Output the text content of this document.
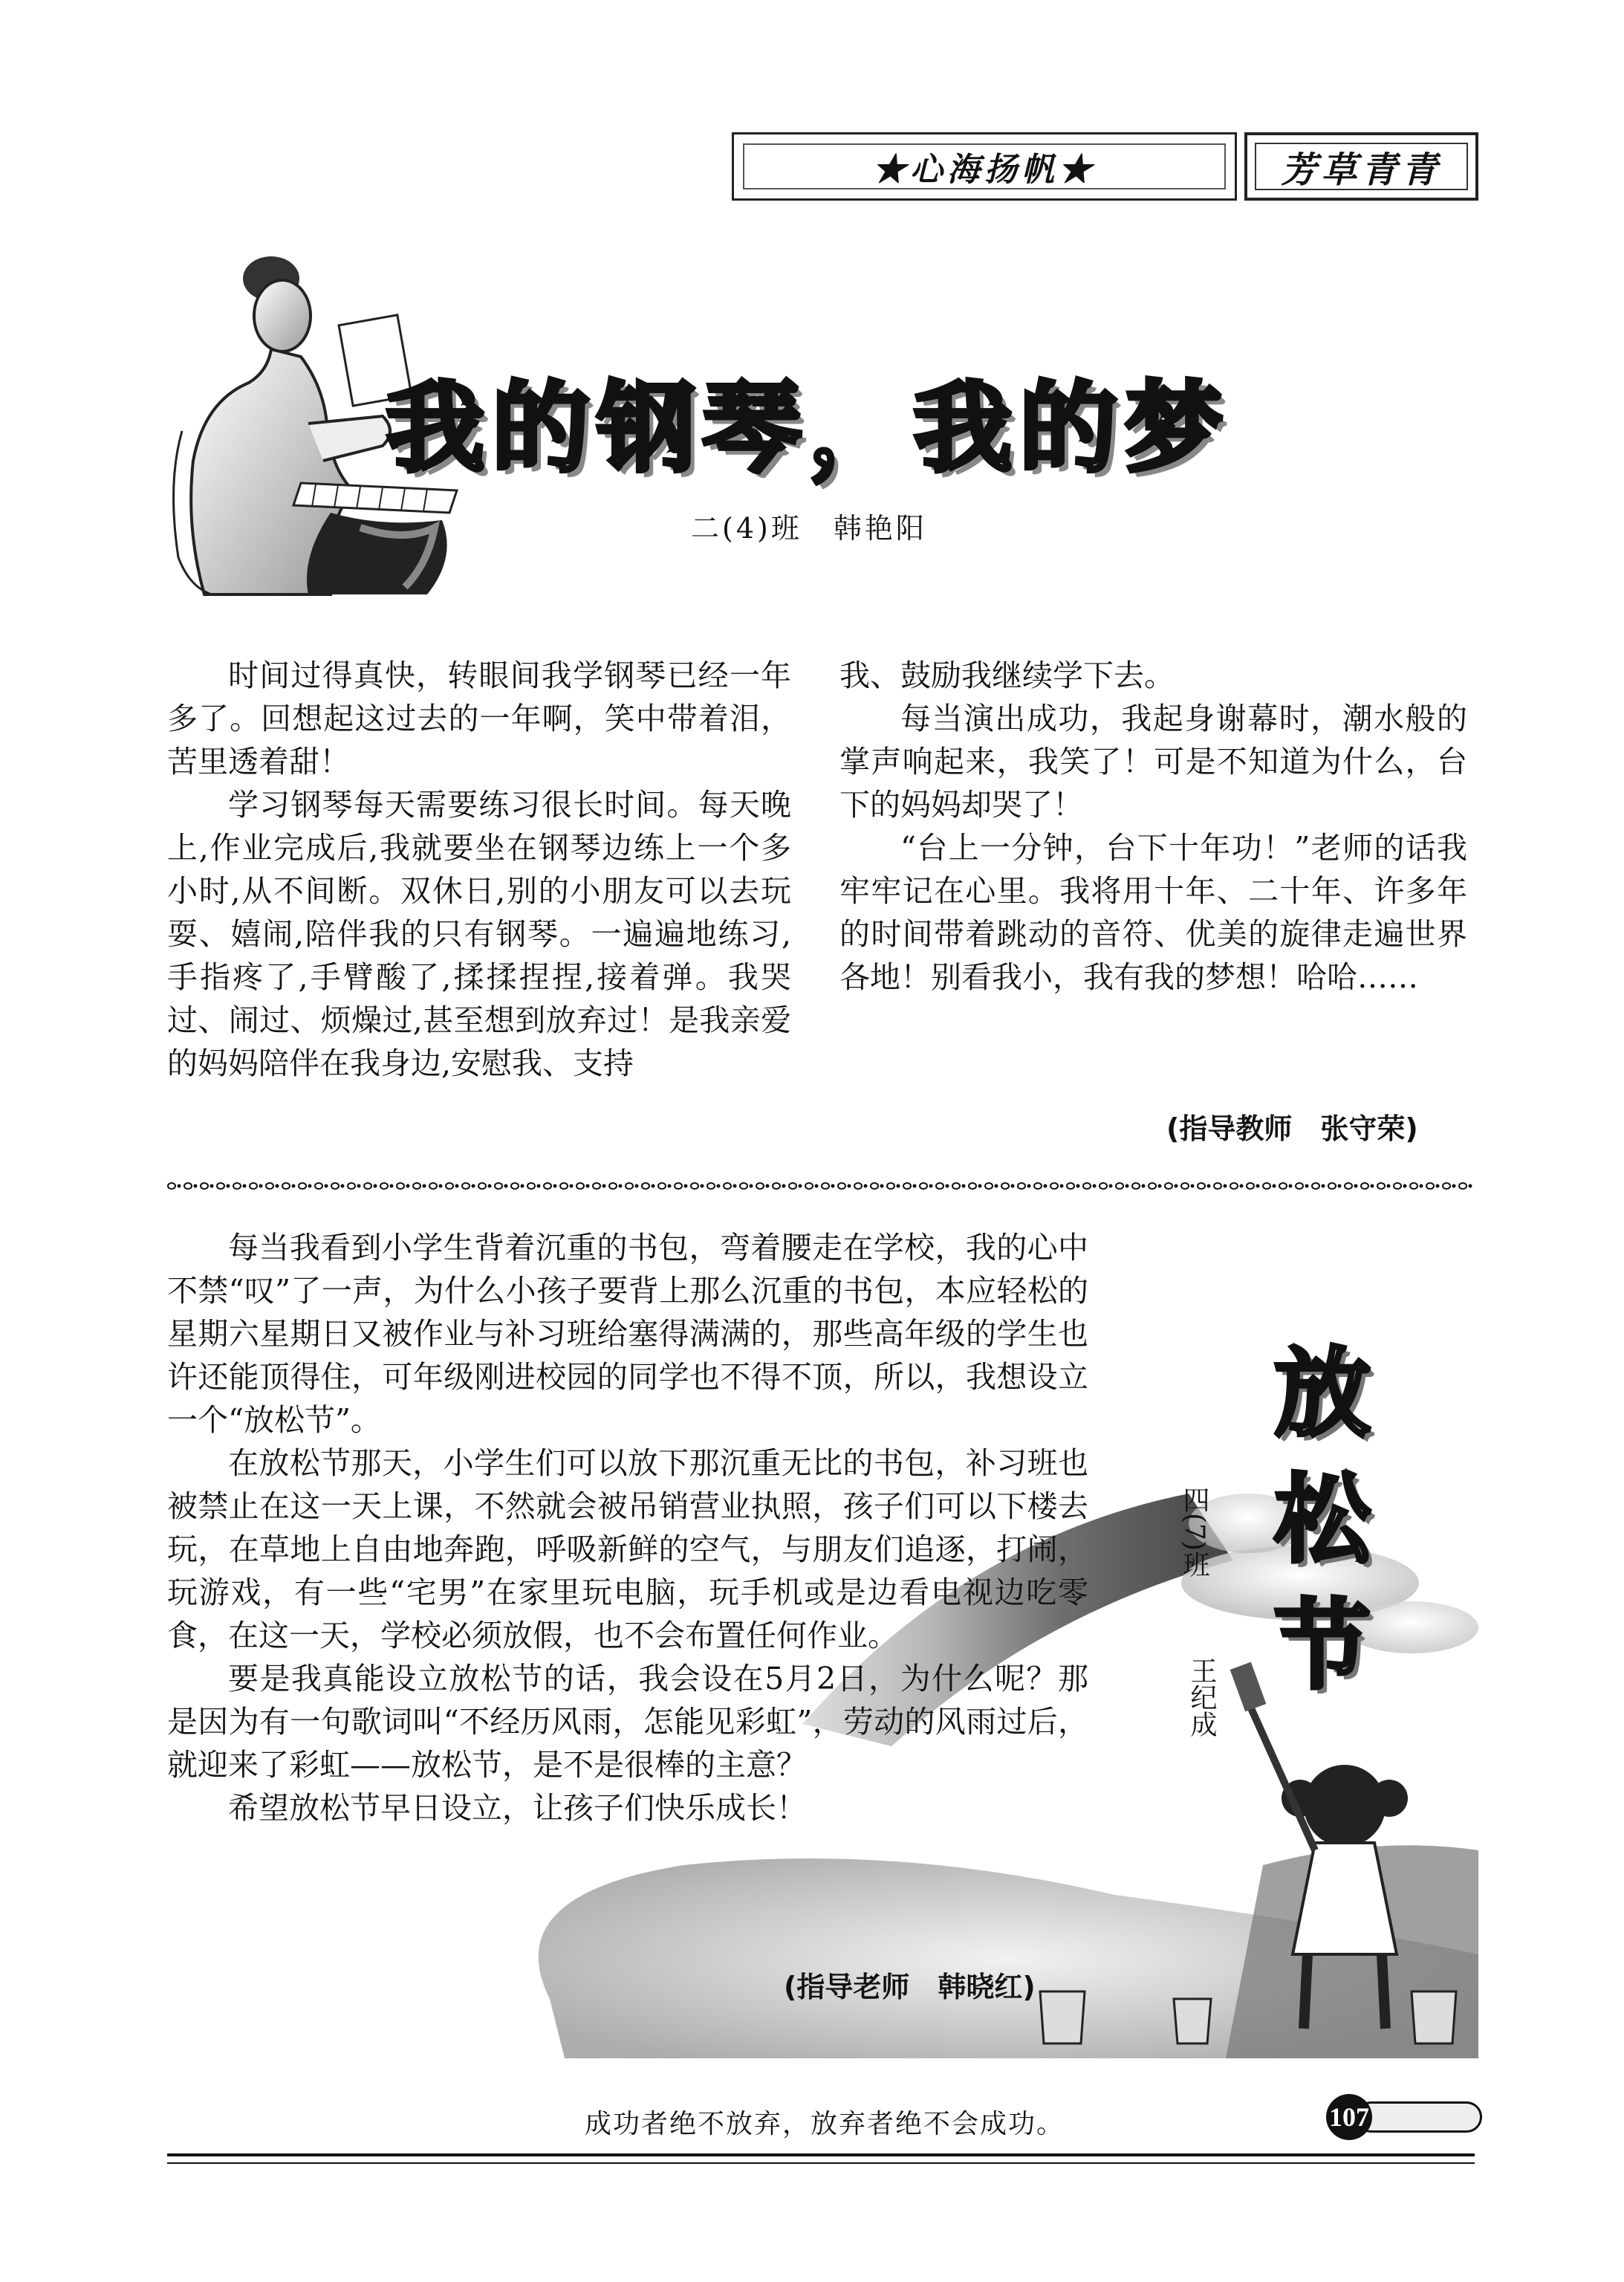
★心海扬帆★	芳草青青
我的钢琴，我的梦
二(4)班　韩艳阳

时间过得真快，转眼间我学钢琴已经一年多了。回想起这过去的一年啊，笑中带着泪，苦里透着甜！

学习钢琴每天需要练习很长时间。每天晚上,作业完成后,我就要坐在钢琴边练上一个多小时,从不间断。双休日,别的小朋友可以去玩耍、嬉闹,陪伴我的只有钢琴。一遍遍地练习,手指疼了,手臂酸了,揉揉捏捏,接着弹。我哭过、闹过、烦燥过,甚至想到放弃过！是我亲爱的妈妈陪伴在我身边,安慰我、支持

我、鼓励我继续学下去。

每当演出成功，我起身谢幕时，潮水般的掌声响起来，我笑了！可是不知道为什么，台下的妈妈却哭了！

“台上一分钟，台下十年功！”老师的话我牢牢记在心里。我将用十年、二十年、许多年的时间带着跳动的音符、优美的旋律走遍世界各地！别看我小，我有我的梦想！哈哈……

(指导教师　张守荣)
放松节
四(7)班
王纪成

每当我看到小学生背着沉重的书包，弯着腰走在学校，我的心中不禁“叹”了一声，为什么小孩子要背上那么沉重的书包，本应轻松的星期六星期日又被作业与补习班给塞得满满的，那些高年级的学生也许还能顶得住，可年级刚进校园的同学也不得不顶，所以，我想设立一个“放松节”。

在放松节那天，小学生们可以放下那沉重无比的书包，补习班也被禁止在这一天上课，不然就会被吊销营业执照，孩子们可以下楼去玩，在草地上自由地奔跑，呼吸新鲜的空气，与朋友们追逐，打闹，玩游戏，有一些“宅男”在家里玩电脑，玩手机或是边看电视边吃零食，在这一天，学校必须放假，也不会布置任何作业。

要是我真能设立放松节的话，我会设在5月2日，为什么呢？那是因为有一句歌词叫“不经历风雨，怎能见彩虹”，劳动的风雨过后，就迎来了彩虹——放松节，是不是很棒的主意？

希望放松节早日设立，让孩子们快乐成长！

(指导老师　韩晓红)
成功者绝不放弃，放弃者绝不会成功。	107
